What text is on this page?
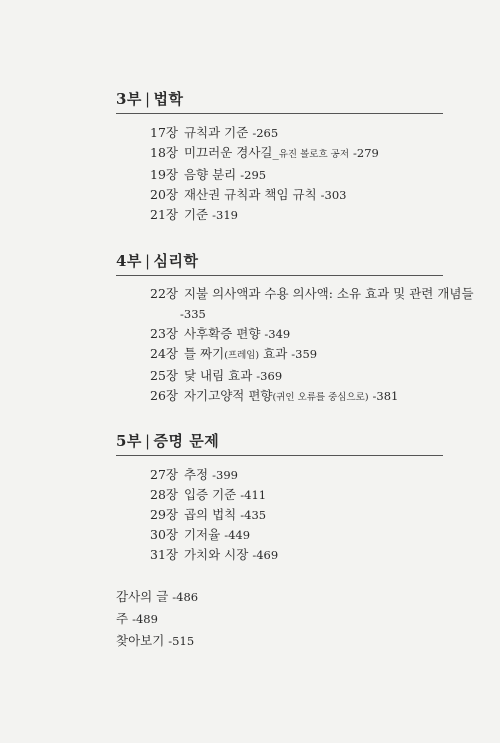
3부 | 법학
17장 규칙과 기준 -265
18장 미끄러운 경사길_유진 볼로흐 공저 -279
19장 음향 분리 -295
20장 재산권 규칙과 책임 규칙 -303
21장 기준 -319
4부 | 심리학
22장 지불 의사액과 수용 의사액: 소유 효과 및 관련 개념들
-335
23장 사후확증 편향 -349
24장 틀 짜기(프레임) 효과 -359
25장 닻 내림 효과 -369
26장 자기고양적 편향(귀인 오류를 중심으로) -381
5부 | 증명 문제
27장 추정 -399
28장 입증 기준 -411
29장 곱의 법칙 -435
30장 기저율 -449
31장 가치와 시장 -469
감사의 글 -486
주 -489
찾아보기 -515
